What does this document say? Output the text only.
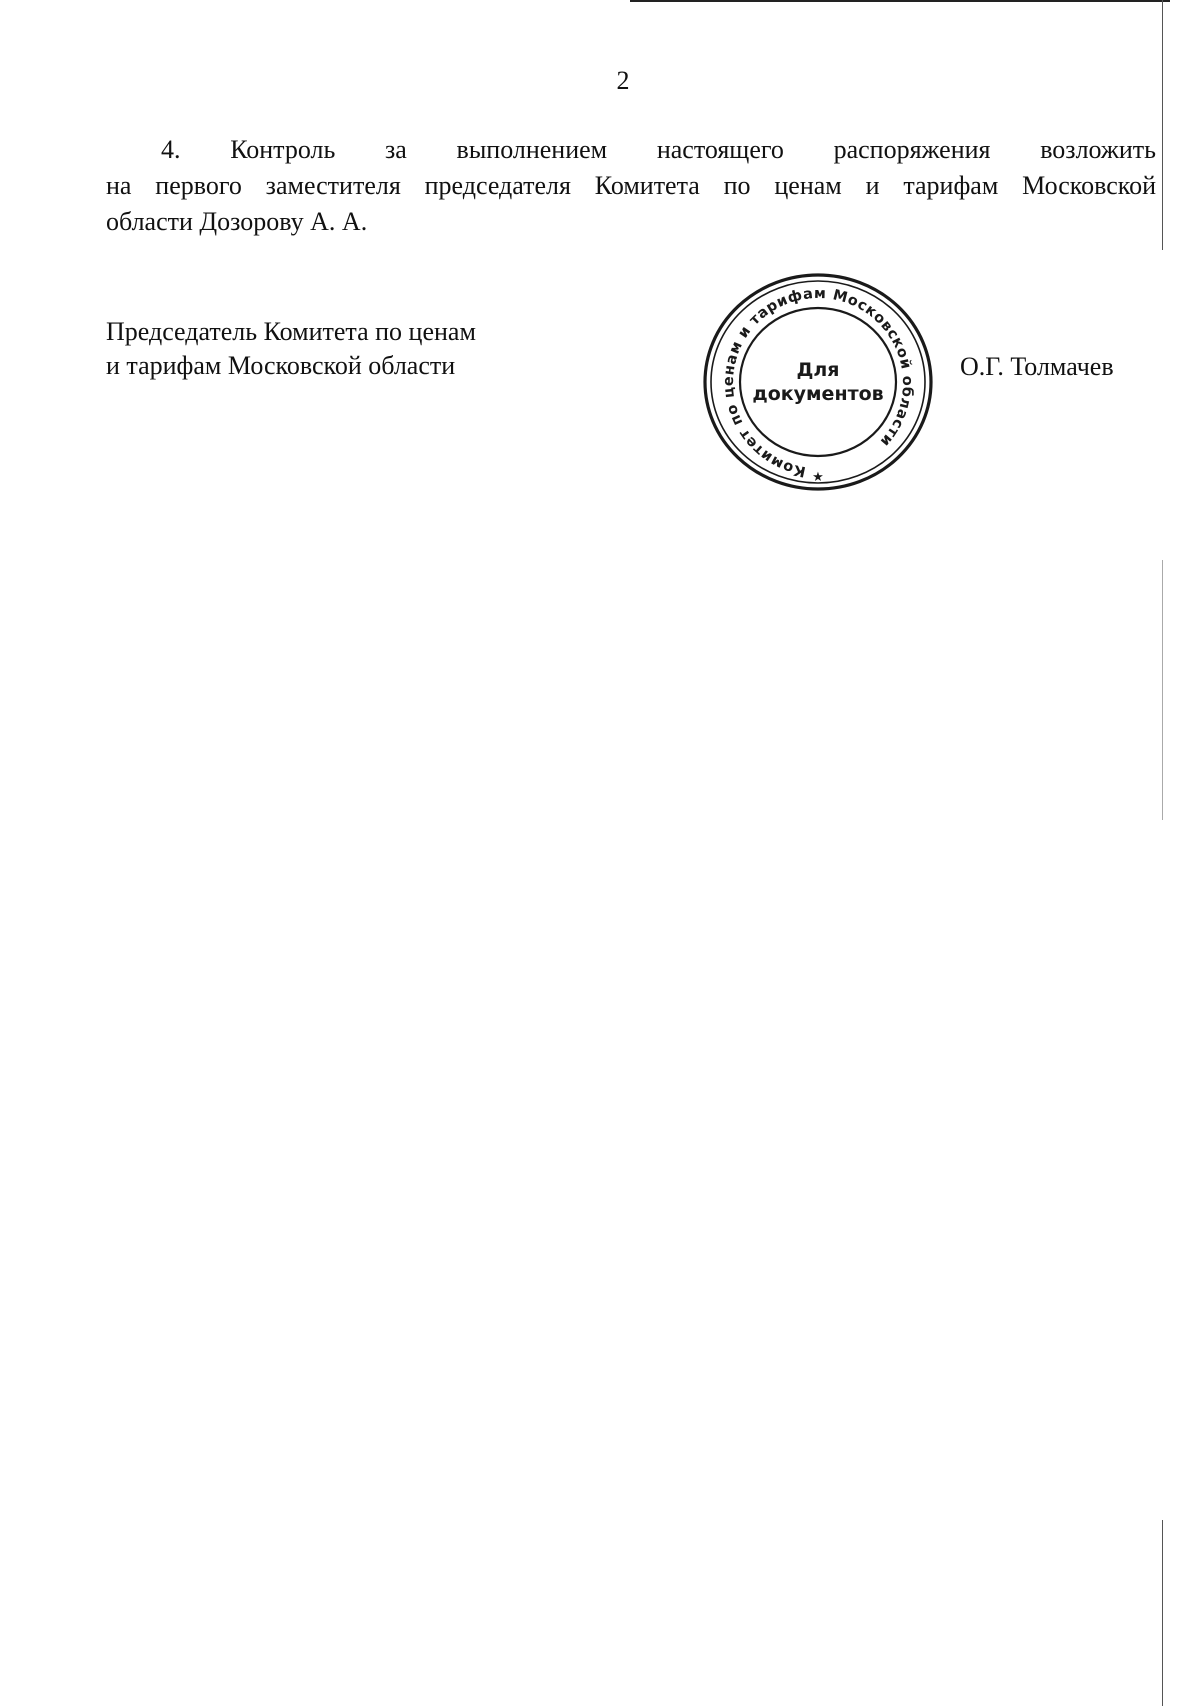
2
4. Контроль за выполнением настоящего распоряжения возложить
на первого заместителя председателя Комитета по ценам и тарифам Московской
области Дозорову А. А.
Председатель Комитета по ценам
и тарифам Московской области	О.Г. Толмачев
Комитет по ценам и тарифам Московской области
Для
документов
★
